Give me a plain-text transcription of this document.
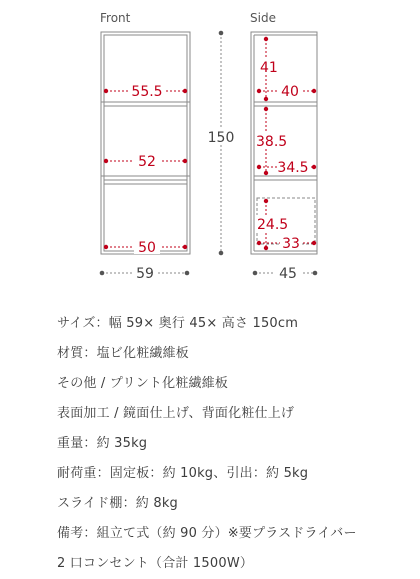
55.5
52
50
59
150
41
40
38.5
34.5
24.5
33
45
Front	Side
サイズ：幅 59× 奥行 45× 高さ 150cm
材質：塩ビ化粧繊維板
その他 / プリント化粧繊維板
表面加工 / 鏡面仕上げ、背面化粧仕上げ
重量：約 35kg
耐荷重：固定板：約 10kg、引出：約 5kg
スライド棚：約 8kg
備考：組立て式（約 90 分）※要プラスドライバー
2 口コンセント（合計 1500W）
